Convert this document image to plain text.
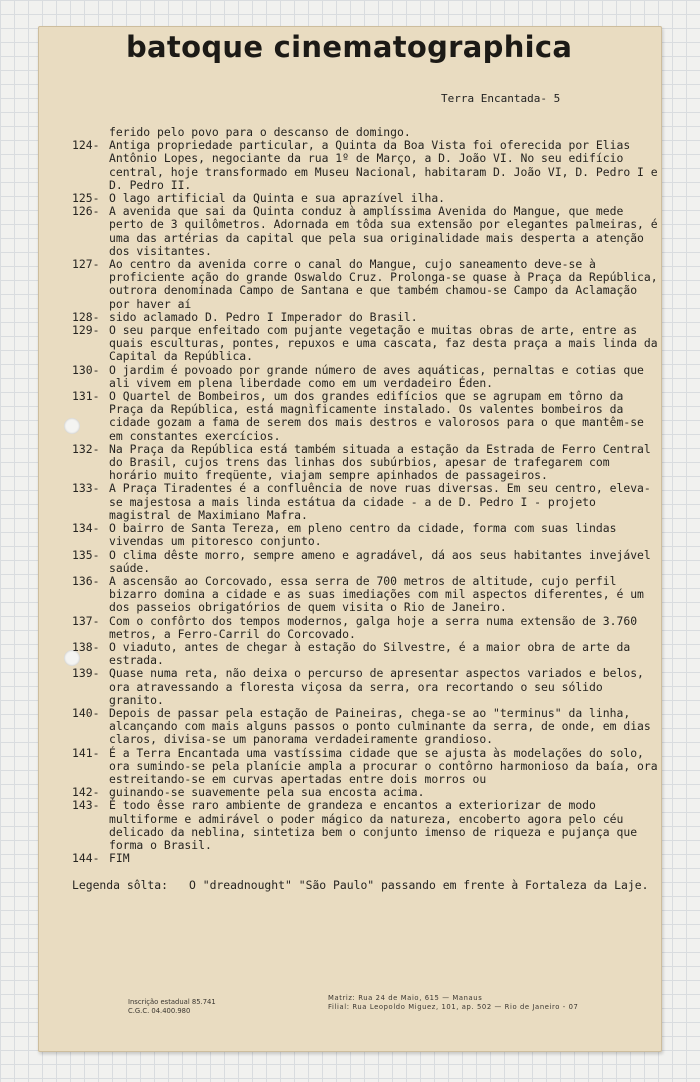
batoque cinematographica
Terra Encantada- 5
ferido pelo povo para o descanso de domingo.
124- Antiga propriedade particular, a Quinta da Boa Vista foi oferecida por Elias Antônio Lopes, negociante da rua 1º de Março, a D. João VI. No seu edifício central, hoje transformado em Museu Nacional, habitaram D. João VI, D. Pedro I e D. Pedro II.
125- O lago artificial da Quinta e sua aprazível ilha.
126- A avenida que sai da Quinta conduz à amplíssima Avenida do Mangue, que mede perto de 3 quilômetros. Adornada em tôda sua extensão por elegantes palmeiras, é uma das artérias da capital que pela sua originalidade mais desperta a atenção dos visitantes.
127- Ao centro da avenida corre o canal do Mangue, cujo saneamento deve-se à proficiente ação do grande Oswaldo Cruz. Prolonga-se quase à Praça da República, outrora denominada Campo de Santana e que também chamou-se Campo da Aclamação por haver aí
128- sido aclamado D. Pedro I Imperador do Brasil.
129- O seu parque enfeitado com pujante vegetação e muitas obras de arte, entre as quais esculturas, pontes, repuxos e uma cascata, faz desta praça a mais linda da Capital da República.
130- O jardim é povoado por grande número de aves aquáticas, pernaltas e cotias que ali vivem em plena liberdade como em um verdadeiro Éden.
131- O Quartel de Bombeiros, um dos grandes edifícios que se agrupam em tôrno da Praça da República, está magnìficamente instalado. Os valentes bombeiros da cidade gozam a fama de serem dos mais destros e valorosos para o que mantêm-se em constantes exercícios.
132- Na Praça da República está também situada a estação da Estrada de Ferro Central do Brasil, cujos trens das linhas dos subúrbios, apesar de trafegarem com horário muito freqüente, viajam sempre apinhados de passageiros.
133- A Praça Tiradentes é a confluência de nove ruas diversas. Em seu centro, eleva-se majestosa a mais linda estátua da cidade - a de D. Pedro I - projeto magistral de Maximiano Mafra.
134- O bairro de Santa Tereza, em pleno centro da cidade, forma com suas lindas vivendas um pitoresco conjunto.
135- O clima dêste morro, sempre ameno e agradável, dá aos seus habitantes invejável saúde.
136- A ascensão ao Corcovado, essa serra de 700 metros de altitude, cujo perfil bizarro domina a cidade e as suas imediações com mil aspectos diferentes, é um dos passeios obrigatórios de quem visita o Rio de Janeiro.
137- Com o confôrto dos tempos modernos, galga hoje a serra numa extensão de 3.760 metros, a Ferro-Carril do Corcovado.
138- O viaduto, antes de chegar à estação do Silvestre, é a maior obra de arte da estrada.
139- Quase numa reta, não deixa o percurso de apresentar aspectos variados e belos, ora atravessando a floresta viçosa da serra, ora recortando o seu sólido granito.
140- Depois de passar pela estação de Paineiras, chega-se ao "terminus" da linha, alcançando com mais alguns passos o ponto culminante da serra, de onde, em dias claros, divisa-se um panorama verdadeiramente grandioso.
141- É a Terra Encantada uma vastíssima cidade que se ajusta às modelações do solo, ora sumindo-se pela planície ampla a procurar o contôrno harmonioso da baía, ora estreitando-se em curvas apertadas entre dois morros ou
142- guinando-se suavemente pela sua encosta acima.
143- É todo êsse raro ambiente de grandeza e encantos a exteriorizar de modo multiforme e admirável o poder mágico da natureza, encoberto agora pelo céu delicado da neblina, sintetiza bem o conjunto imenso de riqueza e pujança que forma o Brasil.
144- FIM
Legenda sôlta:	O "dreadnought" "São Paulo" passando em frente à Fortaleza da Laje.
Inscrição estadual 85.741
C.G.C. 04.400.980
Matriz: Rua 24 de Maio, 615 — Manaus
Filial: Rua Leopoldo Miguez, 101, ap. 502 — Rio de Janeiro - 07
